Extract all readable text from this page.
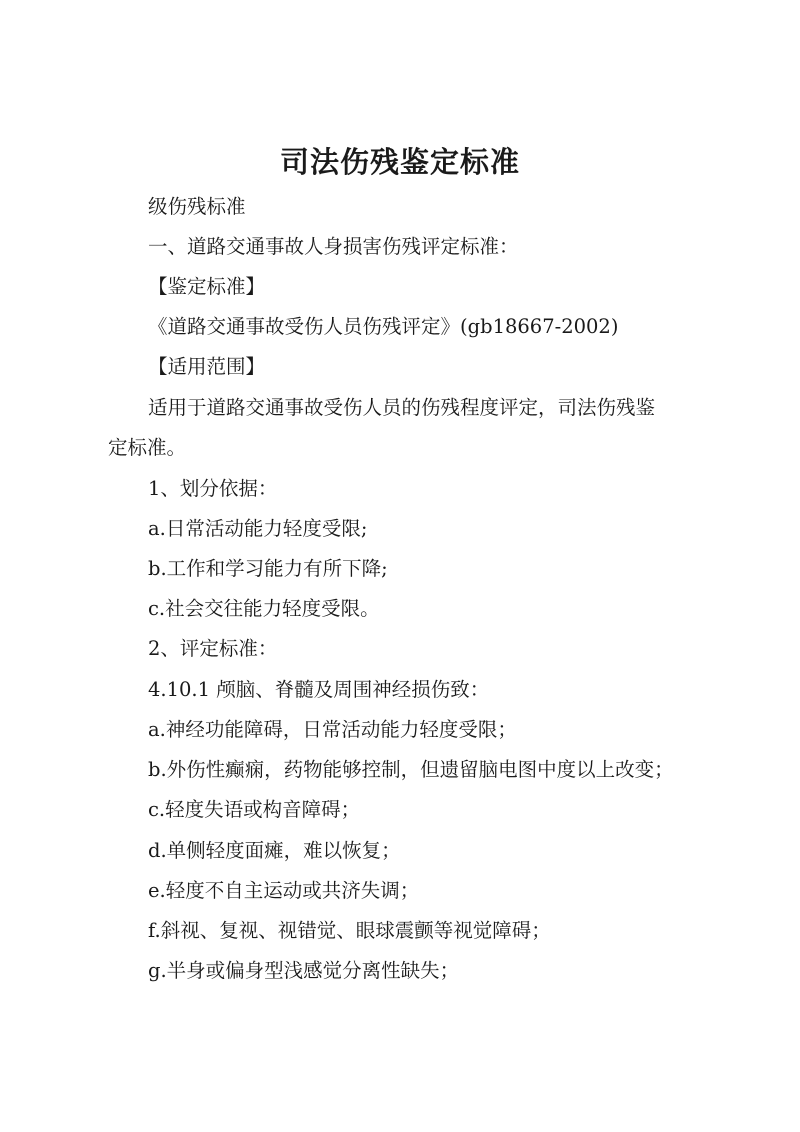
司法伤残鉴定标准
级伤残标准
一、道路交通事故人身损害伤残评定标准：
【鉴定标准】
《道路交通事故受伤人员伤残评定》(gb18667-2002)
【适用范围】
适用于道路交通事故受伤人员的伤残程度评定，司法伤残鉴
定标准。
1、划分依据：
a.日常活动能力轻度受限;
b.工作和学习能力有所下降;
c.社会交往能力轻度受限。
2、评定标准：
4.10.1 颅脑、脊髓及周围神经损伤致：
a.神经功能障碍，日常活动能力轻度受限；
b.外伤性癫痫，药物能够控制，但遗留脑电图中度以上改变；
c.轻度失语或构音障碍；
d.单侧轻度面瘫，难以恢复；
e.轻度不自主运动或共济失调；
f.斜视、复视、视错觉、眼球震颤等视觉障碍；
g.半身或偏身型浅感觉分离性缺失；
